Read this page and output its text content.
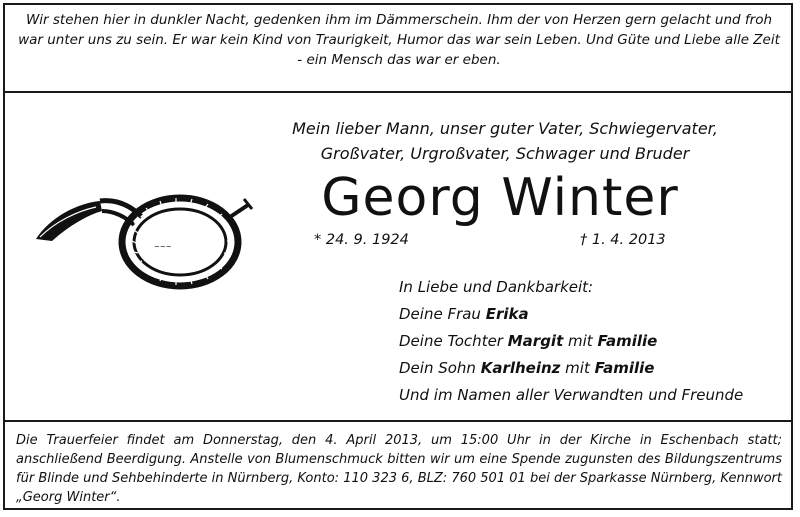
Wir stehen hier in dunkler Nacht, gedenken ihm im Dämmerschein. Ihm der von Herzen gern gelacht und froh
war unter uns zu sein. Er war kein Kind von Traurigkeit, Humor das war sein Leben. Und Güte und Liebe alle Zeit
- ein Mensch das war er eben.
Mein lieber Mann, unser guter Vater, Schwiegervater,
Großvater, Urgroßvater, Schwager und Bruder
Georg Winter
* 24. 9. 1924	† 1. 4. 2013
~~~
In Liebe und Dankbarkeit:
Deine Frau Erika
Deine Tochter Margit mit Familie
Dein Sohn Karlheinz mit Familie
Und im Namen aller Verwandten und Freunde
Die Trauerfeier findet am Donnerstag, den 4. April 2013, um 15:00 Uhr in der Kirche in Eschenbach statt; anschließend Beerdigung. Anstelle von Blumenschmuck bitten wir um eine Spende zugunsten des Bildungszentrums für Blinde und Sehbehinderte in Nürnberg, Konto: 110 323 6, BLZ: 760 501 01 bei der Sparkasse Nürnberg, Kennwort „Georg Winter“.
